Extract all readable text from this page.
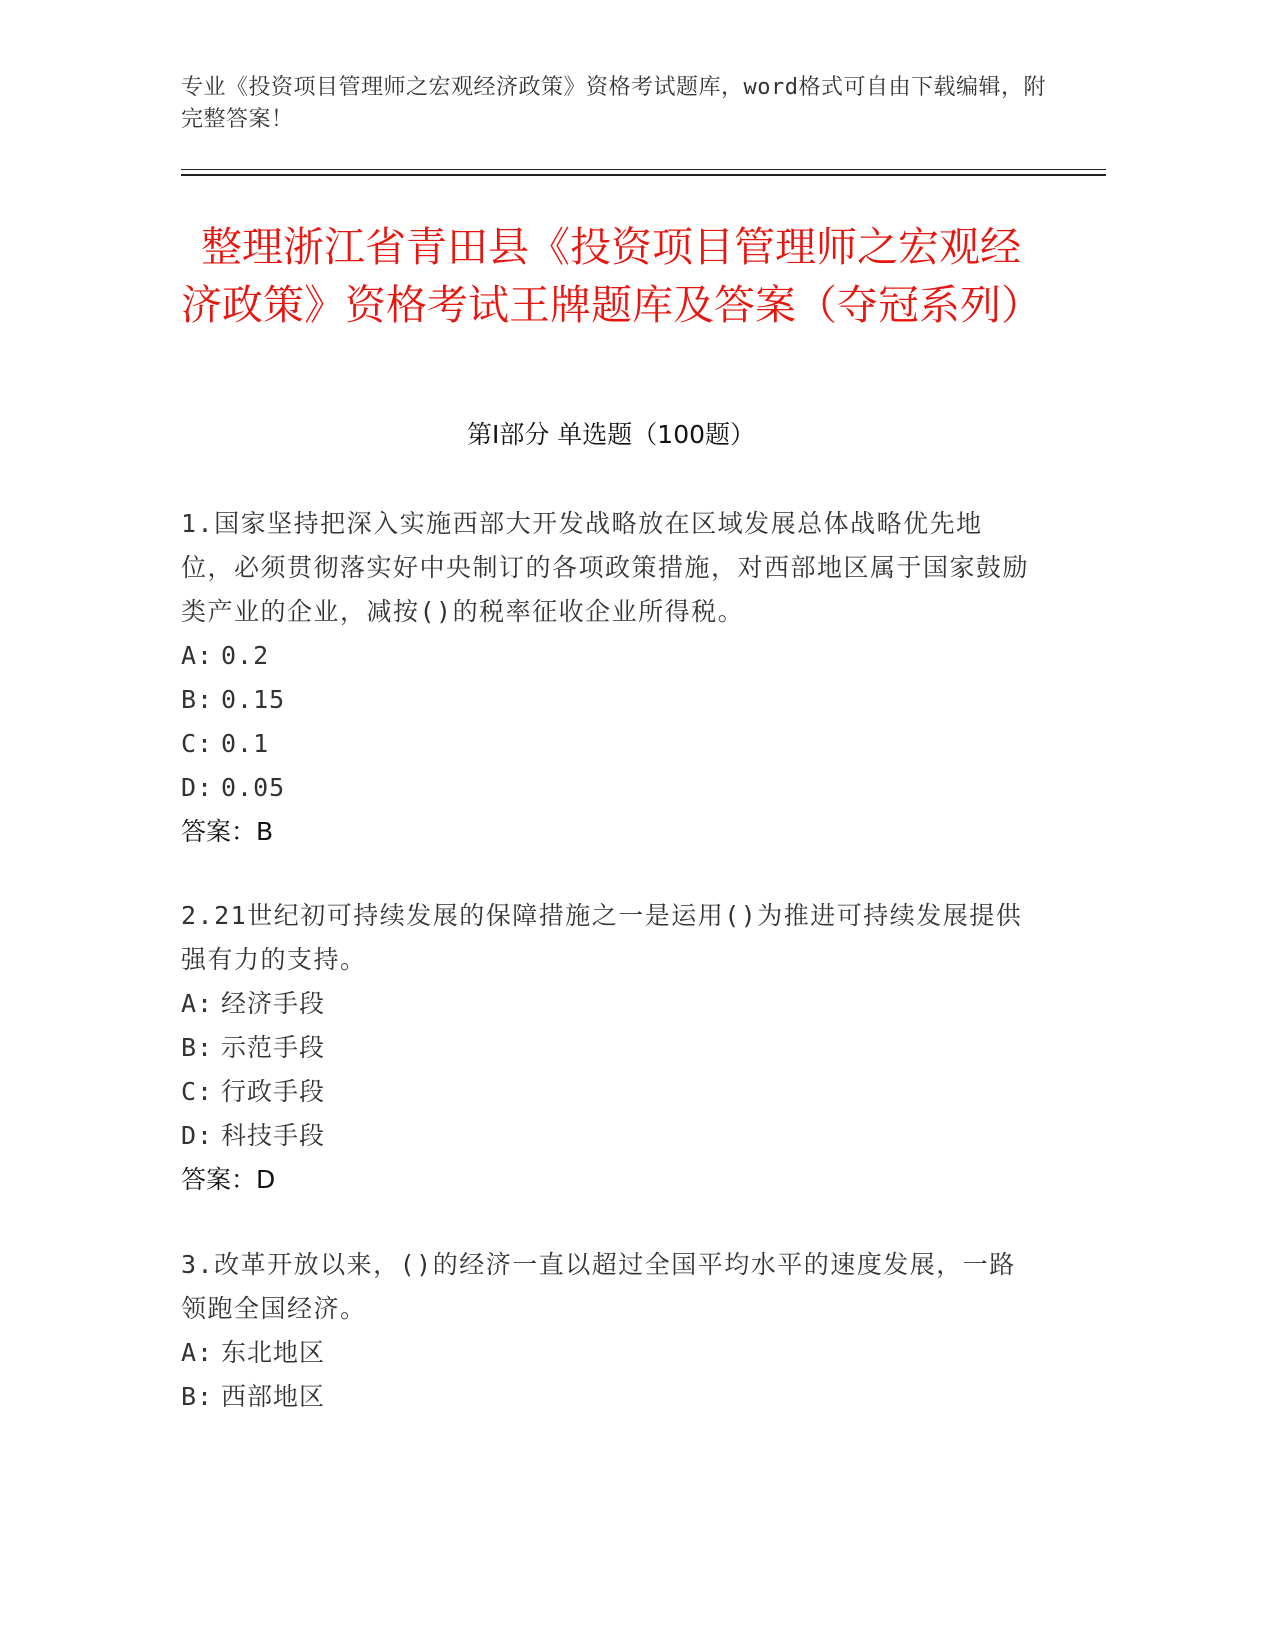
专业《投资项目管理师之宏观经济政策》资格考试题库，word格式可自由下载编辑，附完整答案！
整理浙江省青田县《投资项目管理师之宏观经济政策》资格考试王牌题库及答案（夺冠系列）
第Ⅰ部分 单选题（100题）
1.国家坚持把深入实施西部大开发战略放在区域发展总体战略优先地位，必须贯彻落实好中央制订的各项政策措施，对西部地区属于国家鼓励类产业的企业，减按()的税率征收企业所得税。
A: 0.2
B: 0.15
C: 0.1
D: 0.05
答案：B
2.21世纪初可持续发展的保障措施之一是运用()为推进可持续发展提供强有力的支持。
A: 经济手段
B: 示范手段
C: 行政手段
D: 科技手段
答案：D
3.改革开放以来，()的经济一直以超过全国平均水平的速度发展，一路领跑全国经济。
A: 东北地区
B: 西部地区
